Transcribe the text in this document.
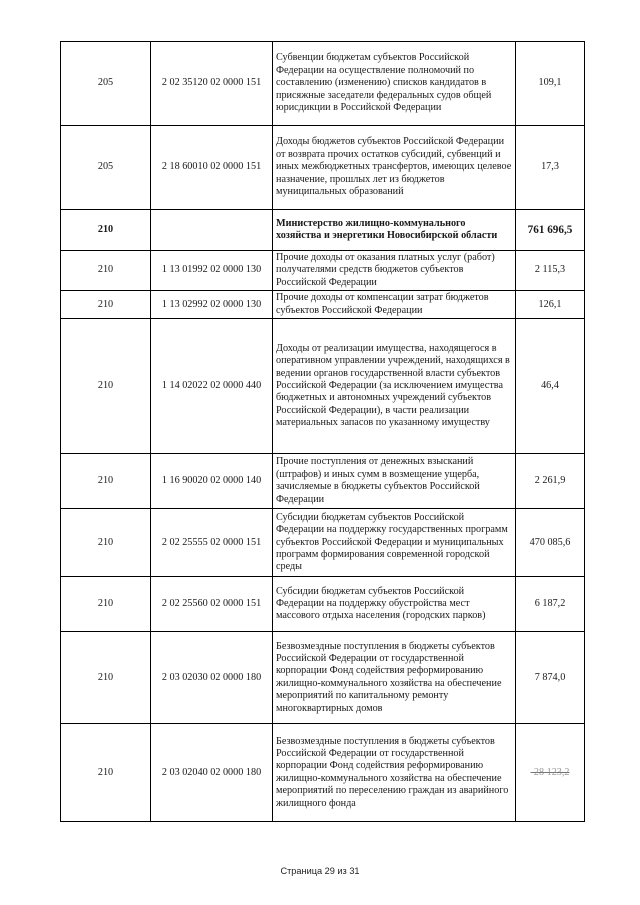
205	2 02 35120 02 0000 151	Субвенции бюджетам субъектов Российской Федерации на осуществление полномочий по составлению (изменению) списков кандидатов в присяжные заседатели федеральных судов общей юрисдикции в Российской Федерации	109,1
205	2 18 60010 02 0000 151	Доходы бюджетов субъектов Российской Федерации от возврата прочих остатков субсидий, субвенций и иных межбюджетных трансфертов, имеющих целевое назначение, прошлых лет из бюджетов муниципальных образований	17,3
210		Министерство жилищно-коммунального хозяйства и энергетики Новосибирской области	761 696,5
210	1 13 01992 02 0000 130	Прочие доходы от оказания платных услуг (работ) получателями средств бюджетов субъектов Российской Федерации	2 115,3
210	1 13 02992 02 0000 130	Прочие доходы от компенсации затрат бюджетов субъектов Российской Федерации	126,1
210	1 14 02022 02 0000 440	Доходы от реализации имущества, находящегося в оперативном управлении учреждений, находящихся в ведении органов государственной власти субъектов Российской Федерации (за исключением имущества бюджетных и автономных учреждений субъектов Российской Федерации), в части реализации материальных запасов по указанному имуществу	46,4
210	1 16 90020 02 0000 140	Прочие поступления от денежных взысканий (штрафов) и иных сумм в возмещение ущерба, зачисляемые в бюджеты субъектов Российской Федерации	2 261,9
210	2 02 25555 02 0000 151	Субсидии бюджетам субъектов Российской Федерации на поддержку государственных программ субъектов Российской Федерации и муниципальных программ формирования современной городской среды	470 085,6
210	2 02 25560 02 0000 151	Субсидии бюджетам субъектов Российской Федерации на поддержку обустройства мест массового отдыха населения (городских парков)	6 187,2
210	2 03 02030 02 0000 180	Безвозмездные поступления в бюджеты субъектов Российской Федерации от государственной корпорации Фонд содействия реформированию жилищно-коммунального хозяйства на обеспечение мероприятий по капитальному ремонту многоквартирных домов	7 874,0
210	2 03 02040 02 0000 180	Безвозмездные поступления в бюджеты субъектов Российской Федерации от государственной корпорации Фонд содействия реформированию жилищно-коммунального хозяйства на обеспечение мероприятий по переселению граждан из аварийного жилищного фонда	-28 123,2
Страница 29 из 31
